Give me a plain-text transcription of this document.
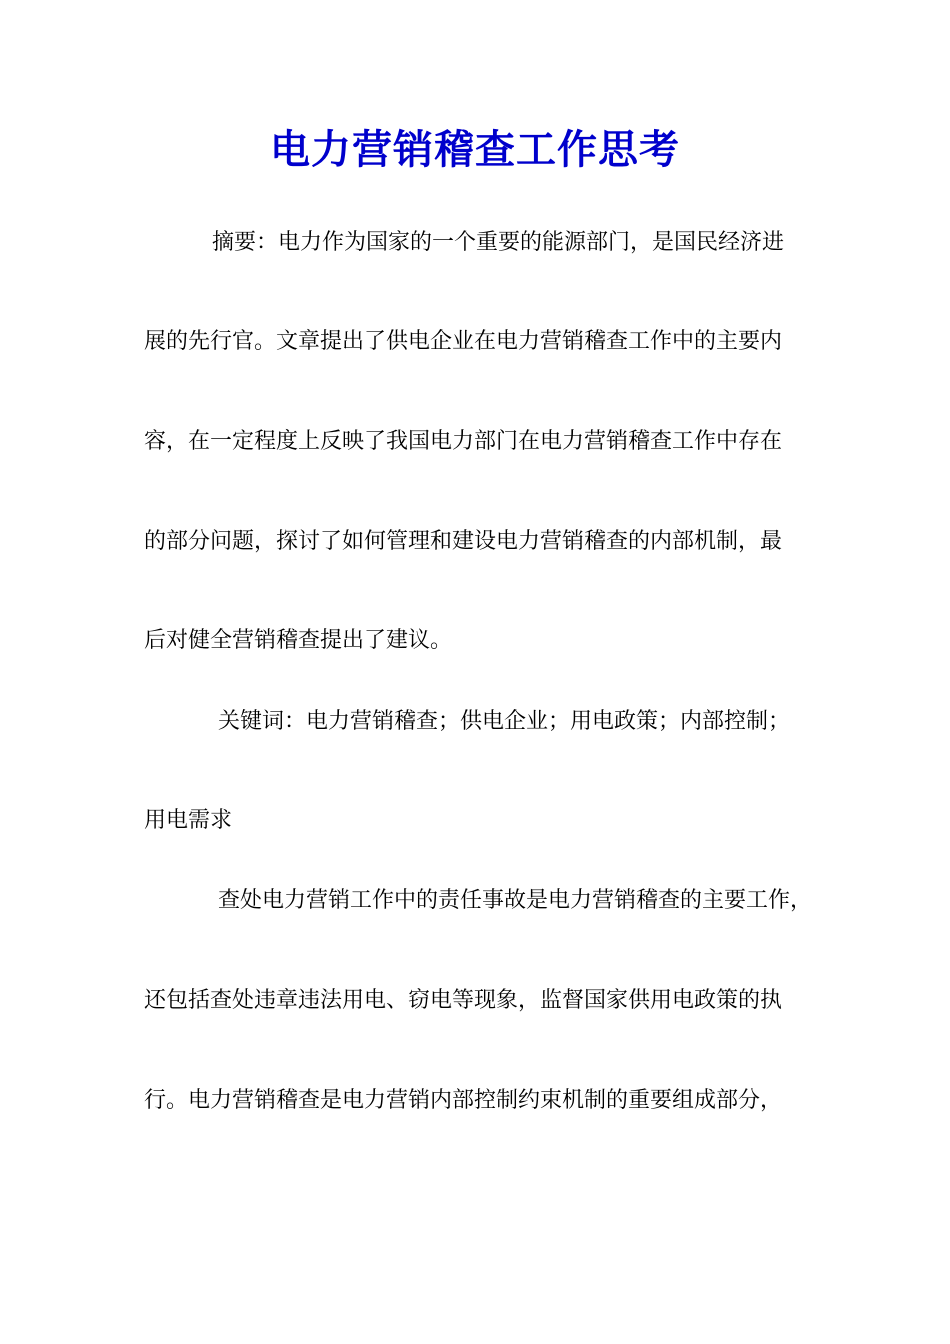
电力营销稽查工作思考
摘要：电力作为国家的一个重要的能源部门，是国民经济进
展的先行官。文章提出了供电企业在电力营销稽查工作中的主要内
容，在一定程度上反映了我国电力部门在电力营销稽查工作中存在
的部分问题，探讨了如何管理和建设电力营销稽查的内部机制，最
后对健全营销稽查提出了建议。
关键词：电力营销稽查；供电企业；用电政策；内部控制；
用电需求
查处电力营销工作中的责任事故是电力营销稽查的主要工作，
还包括查处违章违法用电、窃电等现象，监督国家供用电政策的执
行。电力营销稽查是电力营销内部控制约束机制的重要组成部分，
